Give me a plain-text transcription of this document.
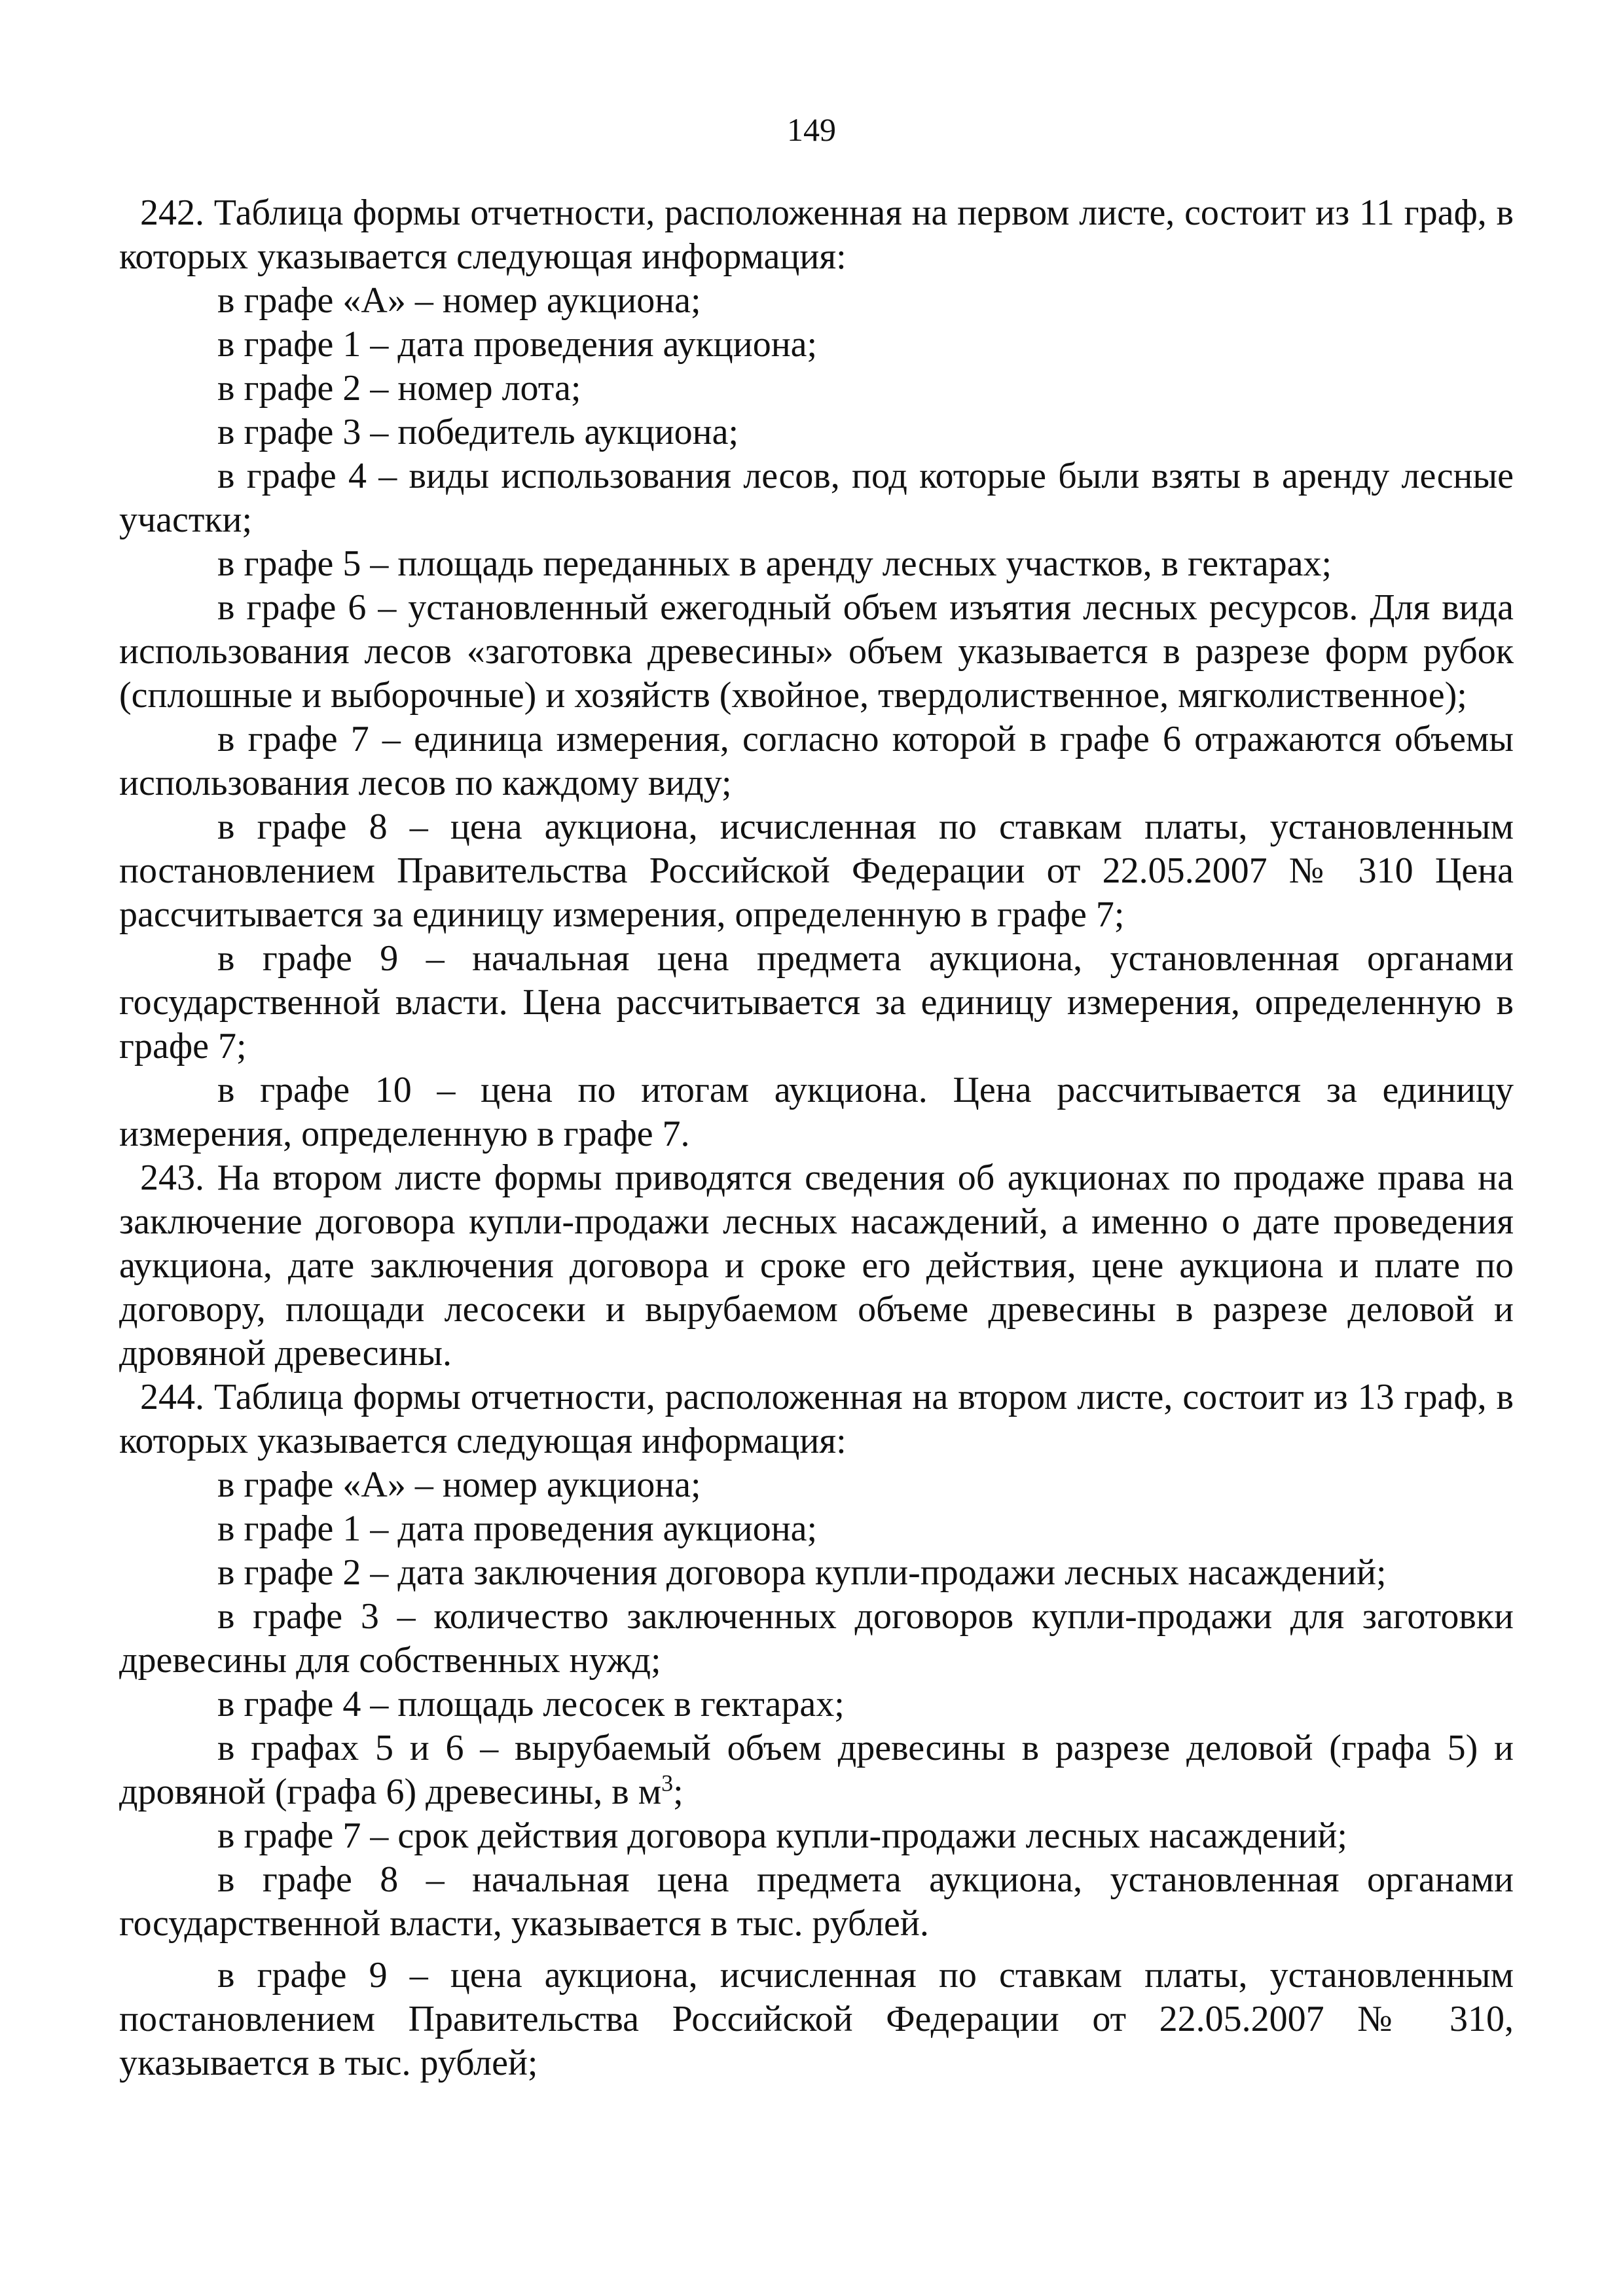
149

242. Таблица формы отчетности, расположенная на первом листе, состоит из 11 граф, в которых указывается следующая информация:

в графе «А» – номер аукциона;

в графе 1 – дата проведения аукциона;

в графе 2 – номер лота;

в графе 3 – победитель аукциона;

в графе 4 – виды использования лесов, под которые были взяты в аренду лесные участки;

в графе 5 – площадь переданных в аренду лесных участков, в гектарах;

в графе 6 – установленный ежегодный объем изъятия лесных ресурсов. Для вида использования лесов «заготовка древесины» объем указывается в разрезе форм рубок (сплошные и выборочные) и хозяйств (хвойное, твердолиственное, мягколиственное);

в графе 7 – единица измерения, согласно которой в графе 6 отражаются объемы использования лесов по каждому виду;

в графе 8 – цена аукциона, исчисленная по ставкам платы, установленным постановлением Правительства Российской Федерации от 22.05.2007 № 310 Цена рассчитывается за единицу измерения, определенную в графе 7;

в графе 9 – начальная цена предмета аукциона, установленная органами государственной власти. Цена рассчитывается за единицу измерения, определенную в графе 7;

в графе 10 – цена по итогам аукциона. Цена рассчитывается за единицу измерения, определенную в графе 7.

243. На втором листе формы приводятся сведения об аукционах по продаже права на заключение договора купли-продажи лесных насаждений, а именно о дате проведения аукциона, дате заключения договора и сроке его действия, цене аукциона и плате по договору, площади лесосеки и вырубаемом объеме древесины в разрезе деловой и дровяной древесины.

244. Таблица формы отчетности, расположенная на втором листе, состоит из 13 граф, в которых указывается следующая информация:

в графе «А» – номер аукциона;

в графе 1 – дата проведения аукциона;

в графе 2 – дата заключения договора купли-продажи лесных насаждений;

в графе 3 – количество заключенных договоров купли-продажи для заготовки древесины для собственных нужд;

в графе 4 – площадь лесосек в гектарах;

в графах 5 и 6 – вырубаемый объем древесины в разрезе деловой (графа 5) и дровяной (графа 6) древесины, в $м^3$;

в графе 7 – срок действия договора купли-продажи лесных насаждений;

в графе 8 – начальная цена предмета аукциона, установленная органами государственной власти, указывается в тыс. рублей.

в графе 9 – цена аукциона, исчисленная по ставкам платы, установленным постановлением Правительства Российской Федерации от 22.05.2007 № 310, указывается в тыс. рублей;
